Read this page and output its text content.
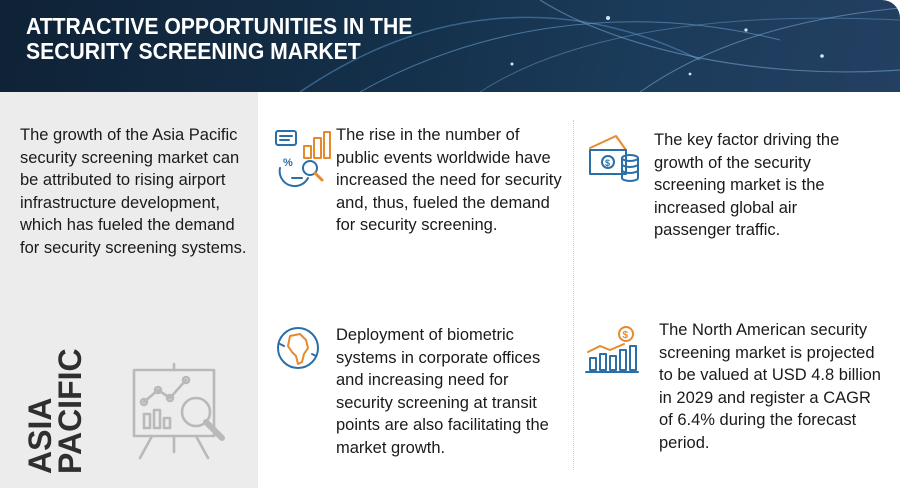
ATTRACTIVE OPPORTUNITIES IN THE
SECURITY SCREENING MARKET
The growth of the Asia Pacific security screening market can be attributed to rising airport infrastructure development, which has fueled the demand for security screening systems.
ASIA
PACIFIC
%
The rise in the number of public events worldwide have increased the need for security and, thus, fueled the demand for security screening.
$
The key factor driving the growth of the security screening market is the increased global air passenger traffic.
Deployment of biometric systems in corporate offices and increasing need for security screening at transit points are also facilitating the market growth.
$ The North American security screening market is projected to be valued at USD 4.8 billion in 2029 and register a CAGR of 6.4% during the forecast period.
